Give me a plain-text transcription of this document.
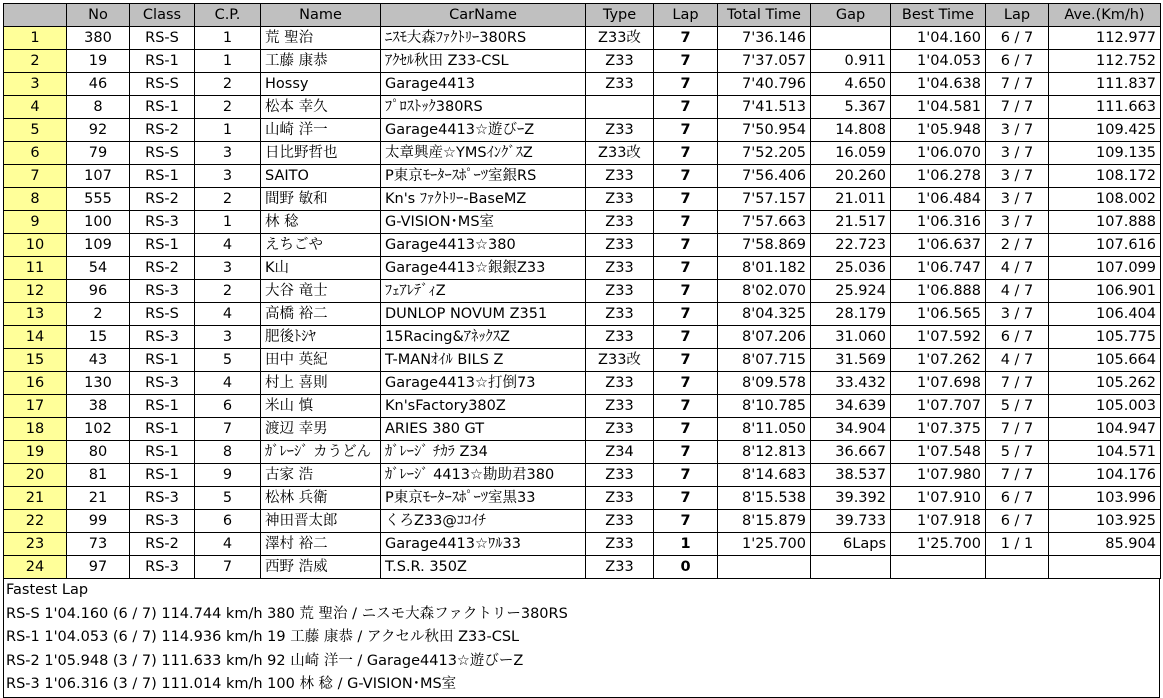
	No	Class	C.P.	Name	CarName	Type	Lap	Total Time	Gap	Best Time	Lap	Ave.(Km/h)
1	380	RS-S	1	荒 聖治	ﾆｽﾓ大森ﾌｧｸﾄﾘｰ380RS	Z33改	7	7'36.146		1'04.160	6 / 7	112.977
2	19	RS-1	1	工藤 康恭	ｱｸｾﾙ秋田 Z33-CSL	Z33	7	7'37.057	0.911	1'04.053	6 / 7	112.752
3	46	RS-S	2	Hossy	Garage4413	Z33	7	7'40.796	4.650	1'04.638	7 / 7	111.837
4	8	RS-1	2	松本 幸久	ﾌﾟﾛｽﾄｯｸ380RS		7	7'41.513	5.367	1'04.581	7 / 7	111.663
5	92	RS-2	1	山崎 洋一	Garage4413☆遊びｰZ	Z33	7	7'50.954	14.808	1'05.948	3 / 7	109.425
6	79	RS-S	3	日比野哲也	太章興産☆YMSｲﾝｸﾞｽZ	Z33改	7	7'52.205	16.059	1'06.070	3 / 7	109.135
7	107	RS-1	3	SAITO	P東京ﾓｰﾀｰｽﾎﾟｰﾂ室銀RS	Z33	7	7'56.406	20.260	1'06.278	3 / 7	108.172
8	555	RS-2	2	間野 敏和	Kn's ﾌｧｸﾄﾘｰ-BaseMZ	Z33	7	7'57.157	21.011	1'06.484	3 / 7	108.002
9	100	RS-3	1	林 稔	G-VISION･MS室	Z33	7	7'57.663	21.517	1'06.316	3 / 7	107.888
10	109	RS-1	4	えちごや	Garage4413☆380	Z33	7	7'58.869	22.723	1'06.637	2 / 7	107.616
11	54	RS-2	3	K山	Garage4413☆銀銀Z33	Z33	7	8'01.182	25.036	1'06.747	4 / 7	107.099
12	96	RS-3	2	大谷 竜士	ﾌｪｱﾚﾃﾞｨZ	Z33	7	8'02.070	25.924	1'06.888	4 / 7	106.901
13	2	RS-S	4	高橋 裕二	DUNLOP NOVUM Z351	Z33	7	8'04.325	28.179	1'06.565	3 / 7	106.404
14	15	RS-3	3	肥後ﾄｼﾔ	15Racing&ｱﾈｯｸｽZ	Z33	7	8'07.206	31.060	1'07.592	6 / 7	105.775
15	43	RS-1	5	田中 英紀	T-MANｵｲﾙ BILS Z	Z33改	7	8'07.715	31.569	1'07.262	4 / 7	105.664
16	130	RS-3	4	村上 喜則	Garage4413☆打倒73	Z33	7	8'09.578	33.432	1'07.698	7 / 7	105.262
17	38	RS-1	6	米山 慎	Kn'sFactory380Z	Z33	7	8'10.785	34.639	1'07.707	5 / 7	105.003
18	102	RS-1	7	渡辺 幸男	ARIES 380 GT	Z33	7	8'11.050	34.904	1'07.375	7 / 7	104.947
19	80	RS-1	8	ｶﾞﾚｰｼﾞ カうどん	ｶﾞﾚｰｼﾞ ﾁｶﾗ Z34	Z34	7	8'12.813	36.667	1'07.548	5 / 7	104.571
20	81	RS-1	9	古家 浩	ｶﾞﾚｰｼﾞ 4413☆勘助君380	Z33	7	8'14.683	38.537	1'07.980	7 / 7	104.176
21	21	RS-3	5	松林 兵衛	P東京ﾓｰﾀｰｽﾎﾟｰﾂ室黒33	Z33	7	8'15.538	39.392	1'07.910	6 / 7	103.996
22	99	RS-3	6	神田晋太郎	くろZ33@ｺｺｲﾁ	Z33	7	8'15.879	39.733	1'07.918	6 / 7	103.925
23	73	RS-2	4	澤村 裕二	Garage4413☆ﾜﾙ33	Z33	1	1'25.700	6Laps	1'25.700	1 / 1	85.904
24	97	RS-3	7	西野 浩威	T.S.R. 350Z	Z33	0					
Fastest Lap
RS-S 1'04.160 (6 / 7) 114.744 km/h 380 荒 聖治 / ニスモ大森ファクトリー380RS
RS-1 1'04.053 (6 / 7) 114.936 km/h 19 工藤 康恭 / アクセル秋田 Z33-CSL
RS-2 1'05.948 (3 / 7) 111.633 km/h 92 山崎 洋一 / Garage4413☆遊びーZ
RS-3 1'06.316 (3 / 7) 111.014 km/h 100 林 稔 / G-VISION･MS室
